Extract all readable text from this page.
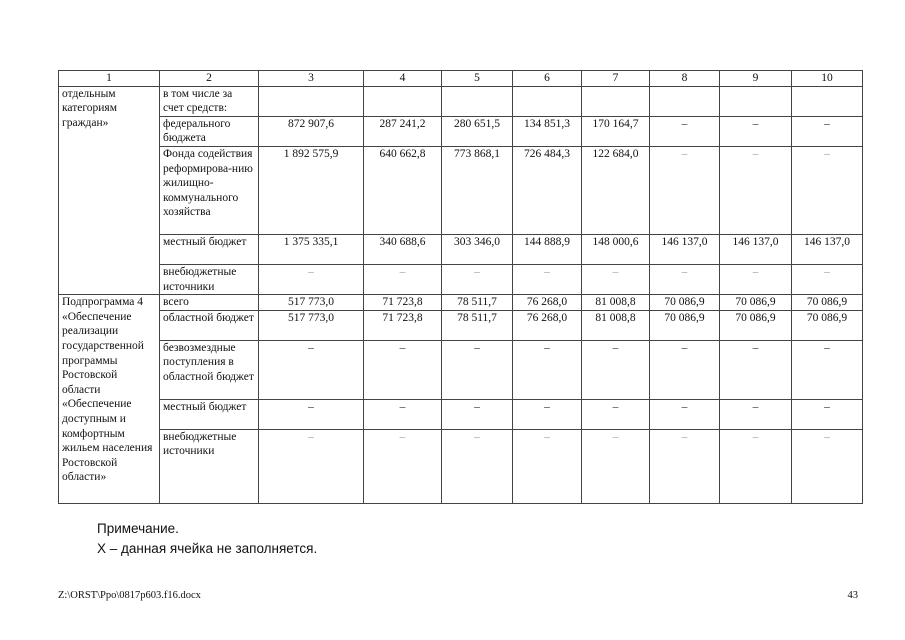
1	2	3	4	5	6	7	8	9	10
отдельным категориям граждан»	в том числе за счет средств:								
	федерального бюджета	872 907,6	287 241,2	280 651,5	134 851,3	170 164,7	–	–	–
	Фонда содействия реформирова-нию жилищно-коммунального хозяйства	1 892 575,9	640 662,8	773 868,1	726 484,3	122 684,0	–	–	–
	местный бюджет	1 375 335,1	340 688,6	303 346,0	144 888,9	148 000,6	146 137,0	146 137,0	146 137,0
	внебюджетные источники	–	–	–	–	–	–	–	–
Подпрограмма 4 «Обеспечение реализации государственной программы Ростовской области «Обеспечение доступным и комфортным жильем населения Ростовской области»	всего	517 773,0	71 723,8	78 511,7	76 268,0	81 008,8	70 086,9	70 086,9	70 086,9
	областной бюджет	517 773,0	71 723,8	78 511,7	76 268,0	81 008,8	70 086,9	70 086,9	70 086,9
	безвозмездные поступления в областной бюджет	–	–	–	–	–	–	–	–
	местный бюджет	–	–	–	–	–	–	–	–
	внебюджетные источники	–	–	–	–	–	–	–	–
Примечание.
Х – данная ячейка не заполняется.
Z:\ORST\Ppo\0817p603.f16.docx	43
